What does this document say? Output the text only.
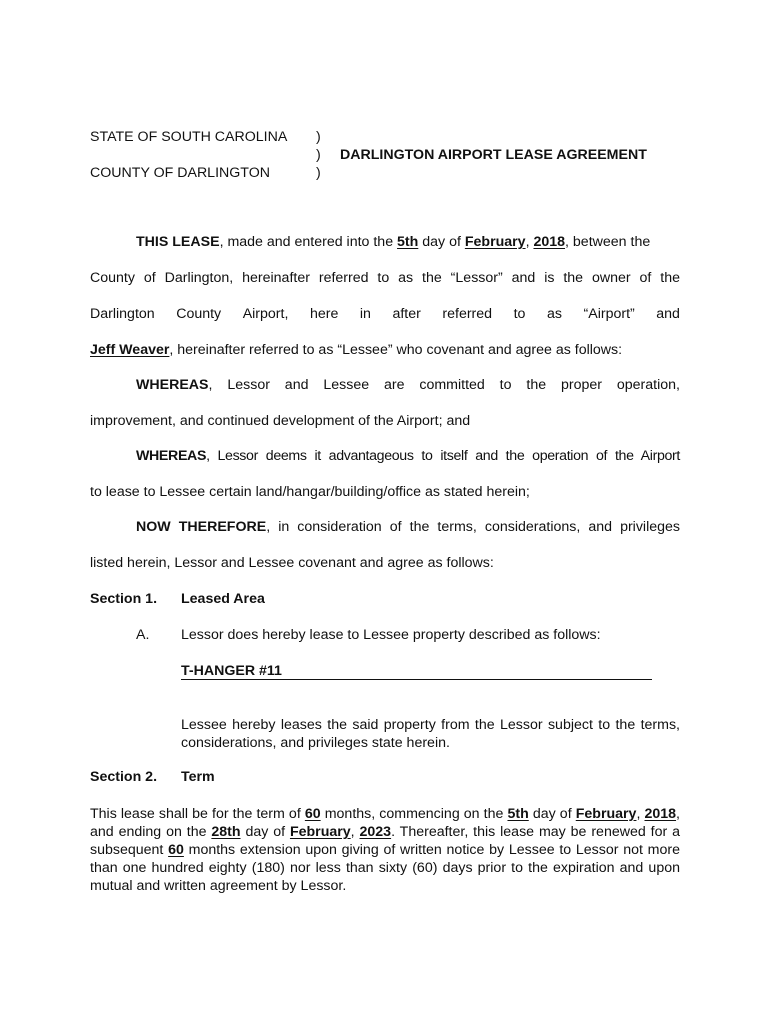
STATE OF SOUTH CAROLINA
COUNTY OF DARLINGTON
)
)
)
DARLINGTON AIRPORT LEASE AGREEMENT
THIS LEASE, made and entered into the 5th day of February, 2018, between the
County of Darlington, hereinafter referred to as the “Lessor” and is the owner of the
Darlington County Airport, here in after referred to as “Airport” and
Jeff Weaver, hereinafter referred to as “Lessee” who covenant and agree as follows:
WHEREAS, Lessor and Lessee are committed to the proper operation,
improvement, and continued development of the Airport; and
WHEREAS, Lessor deems it advantageous to itself and the operation of the Airport
to lease to Lessee certain land/hangar/building/office as stated herein;
NOW THEREFORE, in consideration of the terms, considerations, and privileges
listed herein, Lessor and Lessee covenant and agree as follows:
Section 1. Leased Area
A. Lessor does hereby lease to Lessee property described as follows:
T-HANGER #11
Lessee hereby leases the said property from the Lessor subject to the terms, considerations, and privileges state herein.
Section 2. Term
This lease shall be for the term of 60 months, commencing on the 5th day of February, 2018, and ending on the 28th day of February, 2023. Thereafter, this lease may be renewed for a subsequent 60 months extension upon giving of written notice by Lessee to Lessor not more than one hundred eighty (180) nor less than sixty (60) days prior to the expiration and upon mutual and written agreement by Lessor.
